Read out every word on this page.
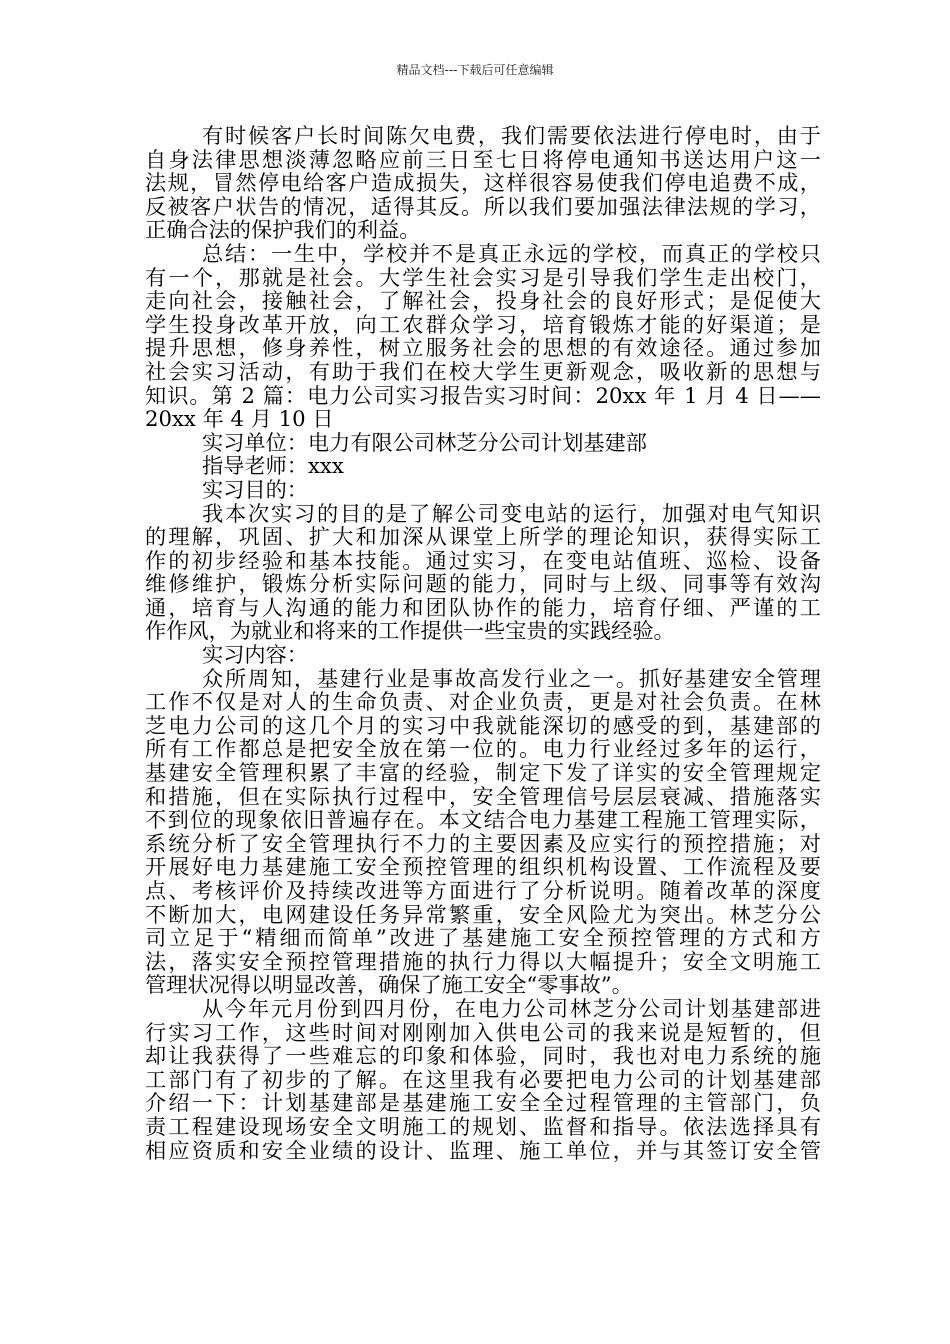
精品文档---下载后可任意编辑
有时候客户长时间陈欠电费，我们需要依法进行停电时，由于
自身法律思想淡薄忽略应前三日至七日将停电通知书送达用户这一
法规，冒然停电给客户造成损失，这样很容易使我们停电追费不成，
反被客户状告的情况，适得其反。所以我们要加强法律法规的学习，
正确合法的保护我们的利益。
总结：一生中，学校并不是真正永远的学校，而真正的学校只
有一个，那就是社会。大学生社会实习是引导我们学生走出校门，
走向社会，接触社会，了解社会，投身社会的良好形式；是促使大
学生投身改革开放，向工农群众学习，培育锻炼才能的好渠道；是
提升思想，修身养性，树立服务社会的思想的有效途径。通过参加
社会实习活动，有助于我们在校大学生更新观念，吸收新的思想与
知识。第 2 篇：电力公司实习报告实习时间：20xx 年 1 月 4 日——
20xx 年 4 月 10 日
实习单位：电力有限公司林芝分公司计划基建部
指导老师：xxx
实习目的：
我本次实习的目的是了解公司变电站的运行，加强对电气知识
的理解，巩固、扩大和加深从课堂上所学的理论知识，获得实际工
作的初步经验和基本技能。通过实习，在变电站值班、巡检、设备
维修维护，锻炼分析实际问题的能力，同时与上级、同事等有效沟
通，培育与人沟通的能力和团队协作的能力，培育仔细、严谨的工
作作风，为就业和将来的工作提供一些宝贵的实践经验。
实习内容：
众所周知，基建行业是事故高发行业之一。抓好基建安全管理
工作不仅是对人的生命负责、对企业负责，更是对社会负责。在林
芝电力公司的这几个月的实习中我就能深切的感受的到，基建部的
所有工作都总是把安全放在第一位的。电力行业经过多年的运行，
基建安全管理积累了丰富的经验，制定下发了详实的安全管理规定
和措施，但在实际执行过程中，安全管理信号层层衰减、措施落实
不到位的现象依旧普遍存在。本文结合电力基建工程施工管理实际，
系统分析了安全管理执行不力的主要因素及应实行的预控措施；对
开展好电力基建施工安全预控管理的组织机构设置、工作流程及要
点、考核评价及持续改进等方面进行了分析说明。随着改革的深度
不断加大，电网建设任务异常繁重，安全风险尤为突出。林芝分公
司立足于“精细而简单”改进了基建施工安全预控管理的方式和方
法，落实安全预控管理措施的执行力得以大幅提升；安全文明施工
管理状况得以明显改善，确保了施工安全“零事故”。
从今年元月份到四月份，在电力公司林芝分公司计划基建部进
行实习工作，这些时间对刚刚加入供电公司的我来说是短暂的，但
却让我获得了一些难忘的印象和体验，同时，我也对电力系统的施
工部门有了初步的了解。在这里我有必要把电力公司的计划基建部
介绍一下：计划基建部是基建施工安全全过程管理的主管部门，负
责工程建设现场安全文明施工的规划、监督和指导。依法选择具有
相应资质和安全业绩的设计、监理、施工单位，并与其签订安全管
